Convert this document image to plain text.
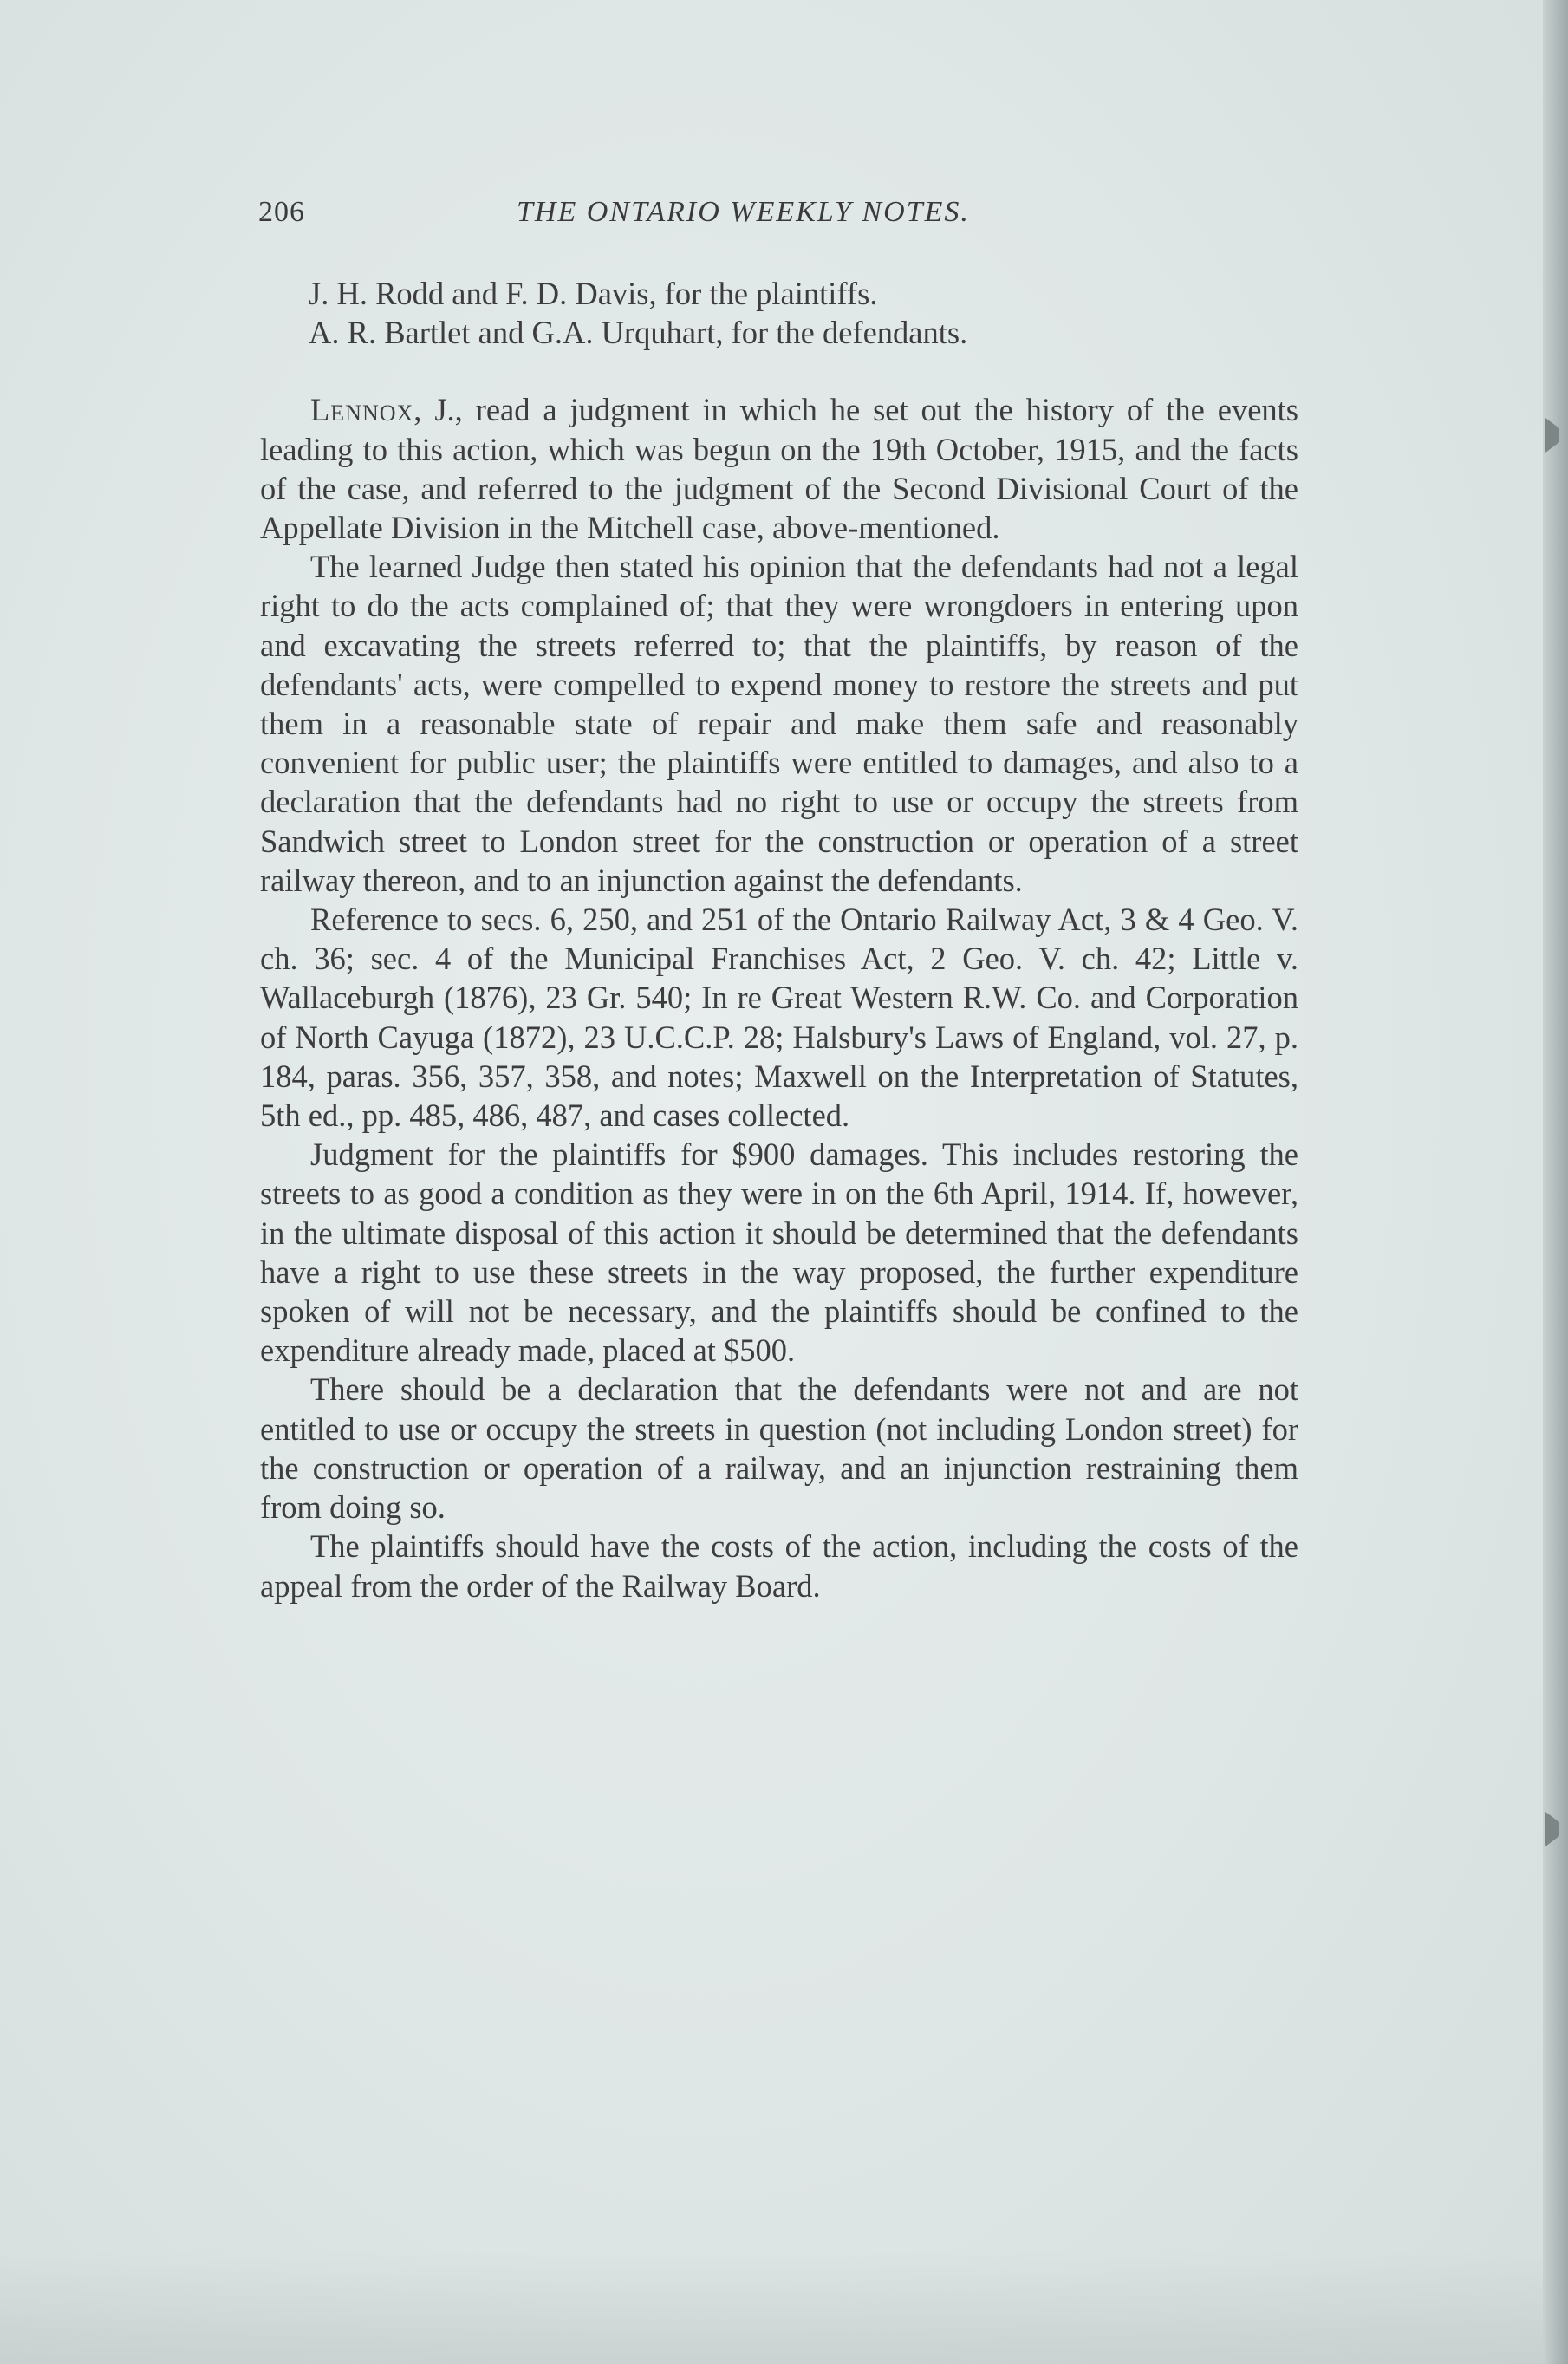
206	THE ONTARIO WEEKLY NOTES.
J. H. Rodd and F. D. Davis, for the plaintiffs.
A. R. Bartlet and G.A. Urquhart, for the defendants.

Lennox, J., read a judgment in which he set out the history of the events leading to this action, which was begun on the 19th October, 1915, and the facts of the case, and referred to the judgment of the Second Divisional Court of the Appellate Division in the Mitchell case, above-mentioned.

The learned Judge then stated his opinion that the defendants had not a legal right to do the acts complained of; that they were wrongdoers in entering upon and excavating the streets referred to; that the plaintiffs, by reason of the defendants' acts, were compelled to expend money to restore the streets and put them in a reasonable state of repair and make them safe and reasonably convenient for public user; the plaintiffs were entitled to damages, and also to a declaration that the defendants had no right to use or occupy the streets from Sandwich street to London street for the construction or operation of a street railway thereon, and to an injunction against the defendants.

Reference to secs. 6, 250, and 251 of the Ontario Railway Act, 3 & 4 Geo. V. ch. 36; sec. 4 of the Municipal Franchises Act, 2 Geo. V. ch. 42; Little v. Wallaceburgh (1876), 23 Gr. 540; In re Great Western R.W. Co. and Corporation of North Cayuga (1872), 23 U.C.C.P. 28; Halsbury's Laws of England, vol. 27, p. 184, paras. 356, 357, 358, and notes; Maxwell on the Interpretation of Statutes, 5th ed., pp. 485, 486, 487, and cases collected.

Judgment for the plaintiffs for $900 damages. This includes restoring the streets to as good a condition as they were in on the 6th April, 1914. If, however, in the ultimate disposal of this action it should be determined that the defendants have a right to use these streets in the way proposed, the further expenditure spoken of will not be necessary, and the plaintiffs should be confined to the expenditure already made, placed at $500.

There should be a declaration that the defendants were not and are not entitled to use or occupy the streets in question (not including London street) for the construction or operation of a railway, and an injunction restraining them from doing so.

The plaintiffs should have the costs of the action, including the costs of the appeal from the order of the Railway Board.
